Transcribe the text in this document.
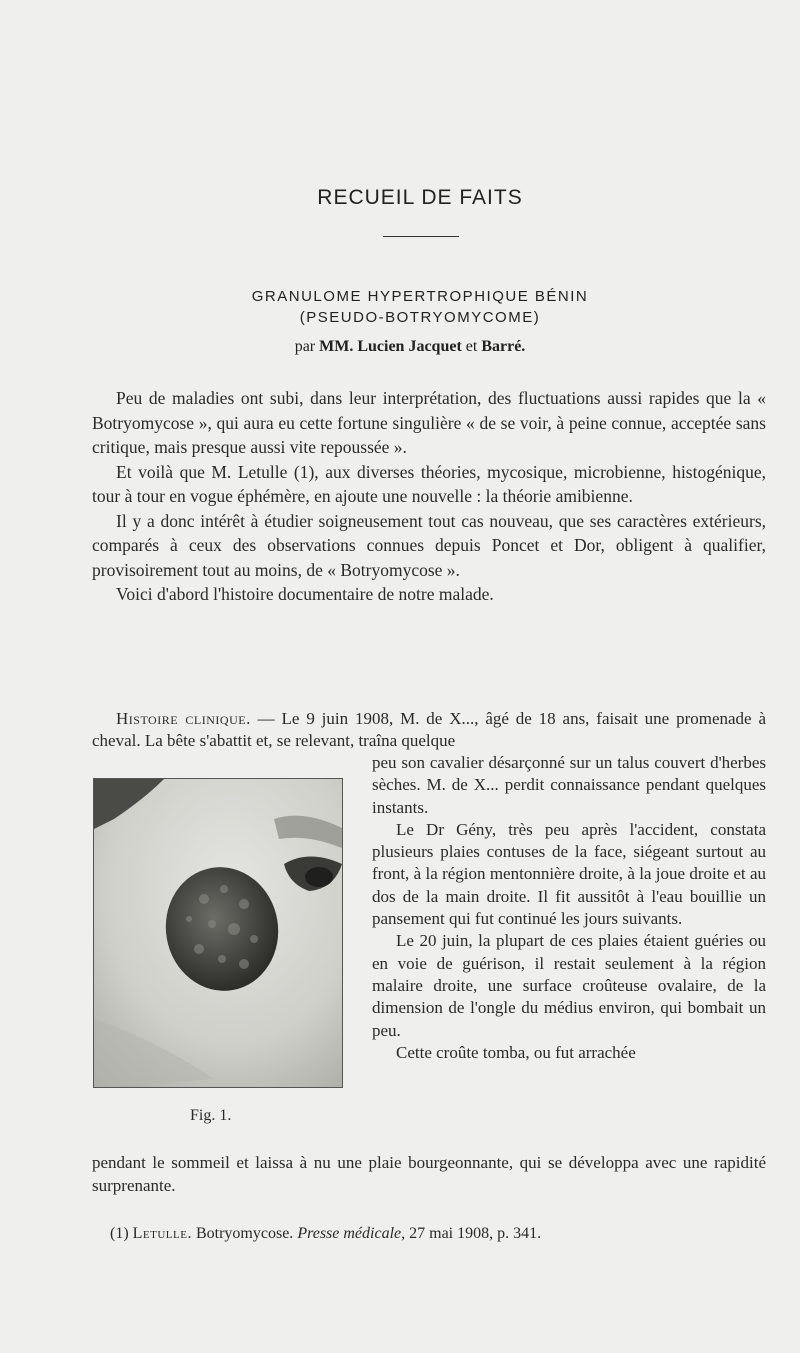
RECUEIL DE FAITS
GRANULOME HYPERTROPHIQUE BÉNIN
(PSEUDO-BOTRYOMYCOME)
par MM. Lucien Jacquet et Barré.

Peu de maladies ont subi, dans leur interprétation, des fluctuations aussi rapides que la « Botryomycose », qui aura eu cette fortune singulière « de se voir, à peine connue, acceptée sans critique, mais presque aussi vite repoussée ».

Et voilà que M. Letulle (1), aux diverses théories, mycosique, microbienne, histogénique, tour à tour en vogue éphémère, en ajoute une nouvelle : la théorie amibienne.

Il y a donc intérêt à étudier soigneusement tout cas nouveau, que ses caractères extérieurs, comparés à ceux des observations connues depuis Poncet et Dor, obligent à qualifier, provisoirement tout au moins, de « Botryomycose ».

Voici d'abord l'histoire documentaire de notre malade.

Histoire clinique. — Le 9 juin 1908, M. de X..., âgé de 18 ans, faisait une promenade à cheval. La bête s'abattit et, se relevant, traîna quelque

Fig. 1.

peu son cavalier désarçonné sur un talus couvert d'herbes sèches. M. de X... perdit connaissance pendant quelques instants.

Le Dr Gény, très peu après l'accident, constata plusieurs plaies contuses de la face, siégeant surtout au front, à la région mentonnière droite, à la joue droite et au dos de la main droite. Il fit aussitôt à l'eau bouillie un pansement qui fut continué les jours suivants.

Le 20 juin, la plupart de ces plaies étaient guéries ou en voie de guérison, il restait seulement à la région malaire droite, une surface croûteuse ovalaire, de la dimension de l'ongle du médius environ, qui bombait un peu.

Cette croûte tomba, ou fut arrachée

pendant le sommeil et laissa à nu une plaie bourgeonnante, qui se développa avec une rapidité surprenante.

(1) Letulle. Botryomycose. Presse médicale, 27 mai 1908, p. 341.
